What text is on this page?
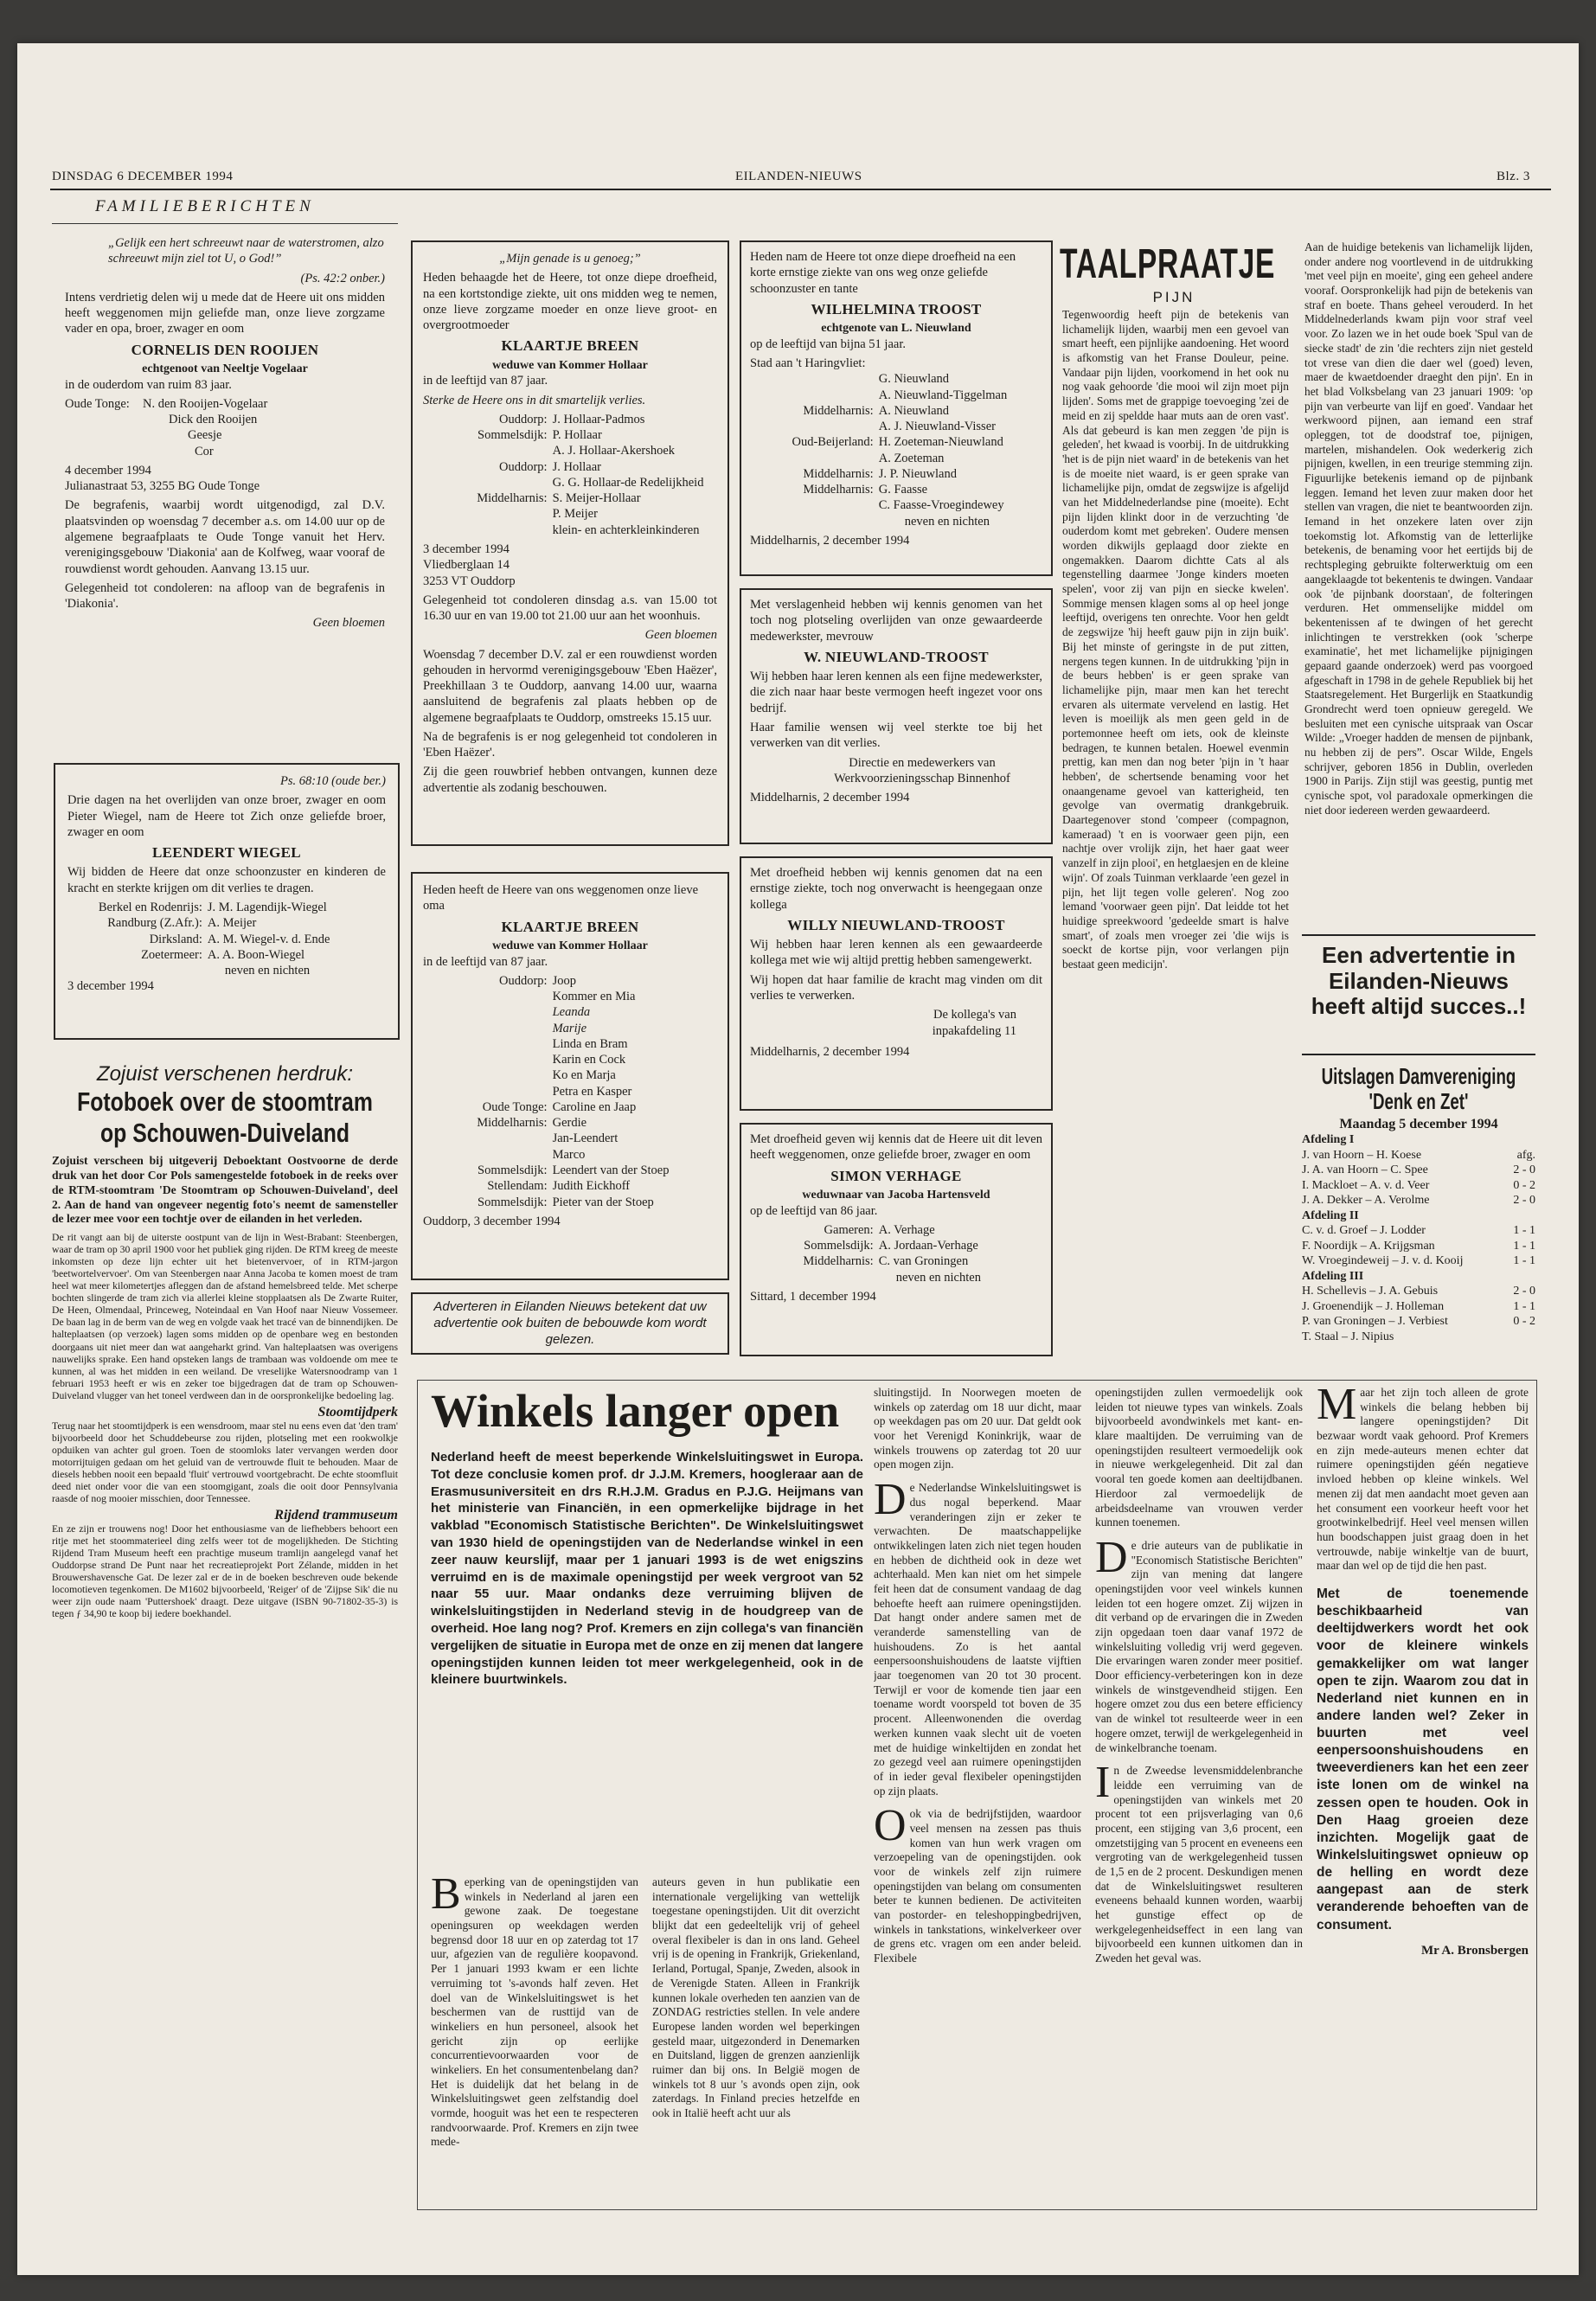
DINSDAG 6 DECEMBER 1994	EILANDEN-NIEUWS	Blz. 3
FAMILIEBERICHTEN

„Gelijk een hert schreeuwt naar de waterstromen, alzo schreeuwt mijn ziel tot U, o God!”

(Ps. 42:2 onber.)

Intens verdrietig delen wij u mede dat de Heere uit ons midden heeft weggenomen mijn geliefde man, onze lieve zorgzame vader en opa, broer, zwager en oom

CORNELIS DEN ROOIJEN
echtgenoot van Neeltje Vogelaar

in de ouderdom van ruim 83 jaar.

Oude Tonge:	N. den Rooijen-Vogelaar
Dick den Rooijen
Geesje
Cor
4 december 1994

Julianastraat 53, 3255 BG Oude Tonge

De begrafenis, waarbij wordt uitgenodigd, zal D.V. plaatsvinden op woensdag 7 december a.s. om 14.00 uur op de algemene begraafplaats te Oude Tonge vanuit het Herv. verenigingsgebouw 'Diakonia' aan de Kolfweg, waar vooraf de rouwdienst wordt gehouden. Aanvang 13.15 uur.

Gelegenheid tot condoleren: na afloop van de begrafenis in 'Diakonia'.

Geen bloemen

Ps. 68:10 (oude ber.)

Drie dagen na het overlijden van onze broer, zwager en oom Pieter Wiegel, nam de Heere tot Zich onze geliefde broer, zwager en oom

LEENDERT WIEGEL

Wij bidden de Heere dat onze schoonzuster en kinderen de kracht en sterkte krijgen om dit verlies te dragen.

Berkel en Rodenrijs: J. M. Lagendijk-Wiegel
Randburg (Z.Afr.): A. Meijer
Dirksland: A. M. Wiegel-v. d. Ende
Zoetermeer: A. A. Boon-Wiegel
neven en nichten
3 december 1994
Zojuist verschenen herdruk:
Fotoboek over de stoomtram
op Schouwen-Duiveland
Zojuist verscheen bij uitgeverij Deboektant Oostvoorne de derde druk van het door Cor Pols samengestelde fotoboek in de reeks over de RTM-stoomtram 'De Stoomtram op Schouwen-Duiveland', deel 2. Aan de hand van ongeveer negentig foto's neemt de samensteller de lezer mee voor een tochtje over de eilanden in het verleden.

De rit vangt aan bij de uiterste oostpunt van de lijn in West-Brabant: Steenbergen, waar de tram op 30 april 1900 voor het publiek ging rijden. De RTM kreeg de meeste inkomsten op deze lijn echter uit het bietenvervoer, of in RTM-jargon 'beetwortelvervoer'. Om van Steenbergen naar Anna Jacoba te komen moest de tram heel wat meer kilometertjes afleggen dan de afstand hemelsbreed telde. Met scherpe bochten slingerde de tram zich via allerlei kleine stopplaatsen als De Zwarte Ruiter, De Heen, Olmendaal, Princeweg, Noteindaal en Van Hoof naar Nieuw Vossemeer. De baan lag in de berm van de weg en volgde vaak het tracé van de binnendijken. De halteplaatsen (op verzoek) lagen soms midden op de openbare weg en bestonden doorgaans uit niet meer dan wat aangeharkt grind. Van halteplaatsen was overigens nauwelijks sprake. Een hand opsteken langs de trambaan was voldoende om mee te kunnen, al was het midden in een weiland. De vreselijke Watersnoodramp van 1 februari 1953 heeft er wis en zeker toe bijgedragen dat de tram op Schouwen-Duiveland vlugger van het toneel verdween dan in de oorspronkelijke bedoeling lag.

Stoomtijdperk

Terug naar het stoomtijdperk is een wensdroom, maar stel nu eens even dat 'den tram' bijvoorbeeld door het Schuddebeurse zou rijden, plotseling met een rookwolkje opduiken van achter gul groen. Toen de stoomloks later vervangen werden door motorrijtuigen gedaan om het geluid van de vertrouwde fluit te behouden. Maar de diesels hebben nooit een bepaald 'fluit' vertrouwd voortgebracht. De echte stoomfluit deed niet onder voor die van een stoomgigant, zoals die ooit door Pennsylvania raasde of nog mooier misschien, door Tennessee.

Rijdend trammuseum

En ze zijn er trouwens nog! Door het enthousiasme van de liefhebbers behoort een ritje met het stoommaterieel ding zelfs weer tot de mogelijkheden. De Stichting Rijdend Tram Museum heeft een prachtige museum tramlijn aangelegd vanaf het Ouddorpse strand De Punt naar het recreatieprojekt Port Zélande, midden in het Brouwershavensche Gat. De lezer zal er de in de boeken beschreven oude bekende locomotieven tegenkomen. De M1602 bijvoorbeeld, 'Reiger' of de 'Zijpse Sik' die nu weer zijn oude naam 'Puttershoek' draagt. Deze uitgave (ISBN 90-71802-35-3) is tegen ƒ 34,90 te koop bij iedere boekhandel.

„Mijn genade is u genoeg;”

Heden behaagde het de Heere, tot onze diepe droefheid, na een kortstondige ziekte, uit ons midden weg te nemen, onze lieve zorgzame moeder en onze lieve groot- en overgrootmoeder

KLAARTJE BREEN
weduwe van Kommer Hollaar

in de leeftijd van 87 jaar.

Sterke de Heere ons in dit smartelijk verlies.

Ouddorp: J. Hollaar-Padmos
Sommelsdijk: P. Hollaar
A. J. Hollaar-Akershoek
Ouddorp: J. Hollaar
G. G. Hollaar-de Redelijkheid
Middelharnis: S. Meijer-Hollaar
P. Meijer
klein- en achterkleinkinderen
3 december 1994
Vliedberglaan 14

3253 VT Ouddorp

Gelegenheid tot condoleren dinsdag a.s. van 15.00 tot 16.30 uur en van 19.00 tot 21.00 uur aan het woonhuis.

Geen bloemen

Woensdag 7 december D.V. zal er een rouwdienst worden gehouden in hervormd verenigingsgebouw 'Eben Haëzer', Preekhillaan 3 te Ouddorp, aanvang 14.00 uur, waarna aansluitend de begrafenis zal plaats hebben op de algemene begraafplaats te Ouddorp, omstreeks 15.15 uur.

Na de begrafenis is er nog gelegenheid tot condoleren in 'Eben Haëzer'.

Zij die geen rouwbrief hebben ontvangen, kunnen deze advertentie als zodanig beschouwen.

Heden heeft de Heere van ons weggenomen onze lieve oma

KLAARTJE BREEN
weduwe van Kommer Hollaar

in de leeftijd van 87 jaar.

Ouddorp: Joop
Kommer en Mia
Leanda
Marije
Linda en Bram
Karin en Cock
Ko en Marja
Petra en Kasper
Oude Tonge: Caroline en Jaap
Middelharnis: Gerdie
Jan-Leendert
Marco
Sommelsdijk: Leendert van der Stoep
Stellendam: Judith Eickhoff
Sommelsdijk: Pieter van der Stoep
Ouddorp, 3 december 1994
Adverteren in Eilanden Nieuws betekent dat uw advertentie ook buiten de bebouwde kom wordt gelezen.

Heden nam de Heere tot onze diepe droefheid na een korte ernstige ziekte van ons weg onze geliefde schoonzuster en tante

WILHELMINA TROOST
echtgenote van L. Nieuwland

op de leeftijd van bijna 51 jaar.

Stad aan 't Haringvliet:
G. Nieuwland
A. Nieuwland-Tiggelman
Middelharnis: A. Nieuwland
A. J. Nieuwland-Visser
Oud-Beijerland: H. Zoeteman-Nieuwland
A. Zoeteman
Middelharnis: J. P. Nieuwland
Middelharnis: G. Faasse
C. Faasse-Vroegindewey
neven en nichten
Middelharnis, 2 december 1994

Met verslagenheid hebben wij kennis genomen van het toch nog plotseling overlijden van onze gewaardeerde medewerkster, mevrouw

W. NIEUWLAND-TROOST

Wij hebben haar leren kennen als een fijne medewerkster, die zich naar haar beste vermogen heeft ingezet voor ons bedrijf.

Haar familie wensen wij veel sterkte toe bij het verwerken van dit verlies.

Directie en medewerkers van
Werkvoorzieningsschap Binnenhof
Middelharnis, 2 december 1994

Met droefheid hebben wij kennis genomen dat na een ernstige ziekte, toch nog onverwacht is heengegaan onze kollega

WILLY NIEUWLAND-TROOST

Wij hebben haar leren kennen als een gewaardeerde kollega met wie wij altijd prettig hebben samengewerkt.

Wij hopen dat haar familie de kracht mag vinden om dit verlies te verwerken.

De kollega's van
inpakafdeling 11
Middelharnis, 2 december 1994

Met droefheid geven wij kennis dat de Heere uit dit leven heeft weggenomen, onze geliefde broer, zwager en oom

SIMON VERHAGE
weduwnaar van Jacoba Hartensveld

op de leeftijd van 86 jaar.

Gameren: A. Verhage
Sommelsdijk: A. Jordaan-Verhage
Middelharnis: C. van Groningen
neven en nichten
Sittard, 1 december 1994
TAALPRAATJE
PIJN

Tegenwoordig heeft pijn de betekenis van lichamelijk lijden, waarbij men een gevoel van smart heeft, een pijnlijke aandoening. Het woord is afkomstig van het Franse Douleur, peine. Vandaar pijn lijden, voorkomend in het ook nu nog vaak gehoorde 'die mooi wil zijn moet pijn lijden'. Soms met de grappige toevoeging 'zei de meid en zij speldde haar muts aan de oren vast'. Als dat gebeurd is kan men zeggen 'de pijn is geleden', het kwaad is voorbij. In de uitdrukking 'het is de pijn niet waard' in de betekenis van het is de moeite niet waard, is er geen sprake van lichamelijke pijn, omdat de zegswijze is afgelijd van het Middelnederlandse pine (moeite). Echt pijn lijden klinkt door in de verzuchting 'de ouderdom komt met gebreken'. Oudere mensen worden dikwijls geplaagd door ziekte en ongemakken. Daarom dichtte Cats al als tegenstelling daarmee 'Jonge kinders moeten spelen', voor zij van pijn en siecke kwelen'. Sommige mensen klagen soms al op heel jonge leeftijd, overigens ten onrechte. Voor hen geldt de zegswijze 'hij heeft gauw pijn in zijn buik'. Bij het minste of geringste in de put zitten, nergens tegen kunnen. In de uitdrukking 'pijn in de beurs hebben' is er geen sprake van lichamelijke pijn, maar men kan het terecht ervaren als uitermate vervelend en lastig. Het leven is moeilijk als men geen geld in de portemonnee heeft om iets, ook de kleinste bedragen, te kunnen betalen. Hoewel evenmin prettig, kan men dan nog beter 'pijn in 't haar hebben', de schertsende benaming voor het onaangename gevoel van katterigheid, ten gevolge van overmatig drankgebruik. Daartegenover stond 'compeer (compagnon, kameraad) 't en is voorwaer geen pijn, een nachtje over vrolijk zijn, het haer gaat weer vanzelf in zijn plooi', en hetglaesjen en de kleine wijn'. Of zoals Tuinman verklaarde 'een gezel in pijn, het lijt tegen volle geleren'. Nog zoo lemand 'voorwaer geen pijn'. Dat leidde tot het huidige spreekwoord 'gedeelde smart is halve smart', of zoals men vroeger zei 'die wijs is soeckt de kortse pijn, voor verlangen pijn bestaat geen medicijn'.

Aan de huidige betekenis van lichamelijk lijden, onder andere nog voortlevend in de uitdrukking 'met veel pijn en moeite', ging een geheel andere vooraf. Oorspronkelijk had pijn de betekenis van straf en boete. Thans geheel verouderd. In het Middelnederlands kwam pijn voor straf veel voor. Zo lazen we in het oude boek 'Spul van de siecke stadt' de zin 'die rechters zijn niet gesteld tot vrese van dien die daer wel (goed) leven, maer de kwaetdoender draeght den pijn'. En in het blad Volksbelang van 23 januari 1909: 'op pijn van verbeurte van lijf en goed'. Vandaar het werkwoord pijnen, aan iemand een straf opleggen, tot de doodstraf toe, pijnigen, martelen, mishandelen. Ook wederkerig zich pijnigen, kwellen, in een treurige stemming zijn. Figuurlijke betekenis iemand op de pijnbank leggen. Iemand het leven zuur maken door het stellen van vragen, die niet te beantwoorden zijn. Iemand in het onzekere laten over zijn toekomstig lot. Afkomstig van de letterlijke betekenis, de benaming voor het eertijds bij de rechtspleging gebruikte folterwerktuig om een aangeklaagde tot bekentenis te dwingen. Vandaar ook 'de pijnbank doorstaan', de folteringen verduren. Het ommenselijke middel om bekentenissen af te dwingen of het gerecht inlichtingen te verstrekken (ook 'scherpe examinatie', het met lichamelijke pijnigingen gepaard gaande onderzoek) werd pas voorgoed afgeschaft in 1798 in de gehele Republiek bij het Staatsregelement. Het Burgerlijk en Staatkundig Grondrecht werd toen opnieuw geregeld. We besluiten met een cynische uitspraak van Oscar Wilde: „Vroeger hadden de mensen de pijnbank, nu hebben zij de pers”. Oscar Wilde, Engels schrijver, geboren 1856 in Dublin, overleden 1900 in Parijs. Zijn stijl was geestig, puntig met cynische spot, vol paradoxale opmerkingen die niet door iedereen werden gewaardeerd.

Een advertentie in Eilanden-Nieuws heeft altijd succes..!
Uitslagen Damvereniging 'Denk en Zet'
Maandag 5 december 1994
Afdeling I
J. van Hoorn – H. Koese	afg.
J. A. van Hoorn – C. Spee	2 - 0
I. Mackloet – A. v. d. Veer	0 - 2
J. A. Dekker – A. Verolme	2 - 0
Afdeling II
C. v. d. Groef – J. Lodder	1 - 1
F. Noordijk – A. Krijgsman	1 - 1
W. Vroegindeweij – J. v. d. Kooij	1 - 1
Afdeling III
H. Schellevis – J. A. Gebuis	2 - 0
J. Groenendijk – J. Holleman	1 - 1
P. van Groningen – J. Verbiest	0 - 2
T. Staal – J. Nipius
Winkels langer open
Nederland heeft de meest beperkende Winkelsluitingswet in Europa. Tot deze conclusie komen prof. dr J.J.M. Kremers, hoogleraar aan de Erasmusuniversiteit en drs R.H.J.M. Gradus en P.J.G. Heijmans van het ministerie van Financiën, in een opmerkelijke bijdrage in het vakblad "Economisch Statistische Berichten". De Winkelsluitingswet van 1930 hield de openingstijden van de Nederlandse winkel in een zeer nauw keurslijf, maar per 1 januari 1993 is de wet enigszins verruimd en is de maximale openingstijd per week vergroot van 52 naar 55 uur. Maar ondanks deze verruiming blijven de winkelsluitingstijden in Nederland stevig in de houdgreep van de overheid. Hoe lang nog? Prof. Kremers en zijn collega's van financiën vergelijken de situatie in Europa met de onze en zij menen dat langere openingstijden kunnen leiden tot meer werkgelegenheid, ook in de kleinere buurtwinkels.

Beperking van de openingstijden van winkels in Nederland al jaren een gewone zaak. De toegestane openingsuren op weekdagen werden begrensd door 18 uur en op zaterdag tot 17 uur, afgezien van de regulière koopavond. Per 1 januari 1993 kwam er een lichte verruiming tot 's-avonds half zeven. Het doel van de Winkelsluitingswet is het beschermen van de rusttijd van de winkeliers en hun personeel, alsook het gericht zijn op eerlijke concurrentievoorwaarden voor de winkeliers. En het consumentenbelang dan? Het is duidelijk dat het belang in de Winkelsluitingswet geen zelfstandig doel vormde, hooguit was het een te respecteren randvoorwaarde. Prof. Kremers en zijn twee mede-

auteurs geven in hun publikatie een internationale vergelijking van wettelijk toegestane openingstijden. Uit dit overzicht blijkt dat een gedeeltelijk vrij of geheel overal flexibeler is dan in ons land. Geheel vrij is de opening in Frankrijk, Griekenland, Ierland, Portugal, Spanje, Zweden, alsook in de Verenigde Staten. Alleen in Frankrijk kunnen lokale overheden ten aanzien van de ZONDAG restricties stellen. In vele andere Europese landen worden wel beperkingen gesteld maar, uitgezonderd in Denemarken en Duitsland, liggen de grenzen aanzienlijk ruimer dan bij ons. In België mogen de winkels tot 8 uur 's avonds open zijn, ook zaterdags. In Finland precies hetzelfde en ook in Italië heeft acht uur als

sluitingstijd. In Noorwegen moeten de winkels op zaterdag om 18 uur dicht, maar op weekdagen pas om 20 uur. Dat geldt ook voor het Verenigd Koninkrijk, waar de winkels trouwens op zaterdag tot 20 uur open mogen zijn.

De Nederlandse Winkelsluitingswet is dus nogal beperkend. Maar veranderingen zijn er zeker te verwachten. De maatschappelijke ontwikkelingen laten zich niet tegen houden en hebben de dichtheid ook in deze wet achterhaald. Men kan niet om het simpele feit heen dat de consument vandaag de dag behoefte heeft aan ruimere openingstijden. Dat hangt onder andere samen met de veranderde samenstelling van de huishoudens. Zo is het aantal eenpersoonshuishoudens de laatste vijftien jaar toegenomen van 20 tot 30 procent. Terwijl er voor de komende tien jaar een toename wordt voorspeld tot boven de 35 procent. Alleenwonenden die overdag werken kunnen vaak slecht uit de voeten met de huidige winkeltijden en zondat het zo gezegd veel aan ruimere openingstijden of in ieder geval flexibeler openingstijden op zijn plaats.

Ook via de bedrijfstijden, waardoor veel mensen na zessen pas thuis komen van hun werk vragen om verzoepeling van de openingstijden. ook voor de winkels zelf zijn ruimere openingstijden van belang om consumenten beter te kunnen bedienen. De activiteiten van postorder- en teleshoppingbedrijven, winkels in tankstations, winkelverkeer over de grens etc. vragen om een ander beleid. Flexibele

openingstijden zullen vermoedelijk ook leiden tot nieuwe types van winkels. Zoals bijvoorbeeld avondwinkels met kant- en- klare maaltijden. De verruiming van de openingstijden resulteert vermoedelijk ook in nieuwe werkgelegenheid. Dit zal dan vooral ten goede komen aan deeltijdbanen. Hierdoor zal vermoedelijk de arbeidsdeelname van vrouwen verder kunnen toenemen.

De drie auteurs van de publikatie in "Economisch Statistische Berichten" zijn van mening dat langere openingstijden voor veel winkels kunnen leiden tot een hogere omzet. Zij wijzen in dit verband op de ervaringen die in Zweden zijn opgedaan toen daar vanaf 1972 de winkelsluiting volledig vrij werd gegeven. Die ervaringen waren zonder meer positief. Door efficiency-verbeteringen kon in deze winkels de winstgevendheid stijgen. Een hogere omzet zou dus een betere efficiency van de winkel tot resulteerde weer in een hogere omzet, terwijl de werkgelegenheid in de winkelbranche toenam.

In de Zweedse levensmiddelenbranche leidde een verruiming van de openingstijden van winkels met 20 procent tot een prijsverlaging van 0,6 procent, een stijging van 3,6 procent, een omzetstijging van 5 procent en eveneens een vergroting van de werkgelegenheid tussen de 1,5 en de 2 procent. Deskundigen menen dat de Winkelsluitingswet resulteren eveneens behaald kunnen worden, waarbij het gunstige effect op de werkgelegenheidseffect in een lang van bijvoorbeeld een kunnen uitkomen dan in Zweden het geval was.

Maar het zijn toch alleen de grote winkels die belang hebben bij langere openingstijden? Dit bezwaar wordt vaak gehoord. Prof Kremers en zijn mede-auteurs menen echter dat ruimere openingstijden géén negatieve invloed hebben op kleine winkels. Wel menen zij dat men aandacht moet geven aan het consument een voorkeur heeft voor het grootwinkelbedrijf. Heel veel mensen willen hun boodschappen juist graag doen in het vertrouwde, nabije winkeltje van de buurt, maar dan wel op de tijd die hen past.

Met de toenemende beschikbaarheid van deeltijdwerkers wordt het ook voor de kleinere winkels gemakkelijker om wat langer open te zijn. Waarom zou dat in Nederland niet kunnen en in andere landen wel? Zeker in buurten met veel eenpersoonshuishoudens en tweeverdieners kan het een zeer iste lonen om de winkel na zessen open te houden. Ook in Den Haag groeien deze inzichten. Mogelijk gaat de Winkelsluitingswet opnieuw op de helling en wordt deze aangepast aan de sterk veranderende behoeften van de consument.

Mr A. Bronsbergen
